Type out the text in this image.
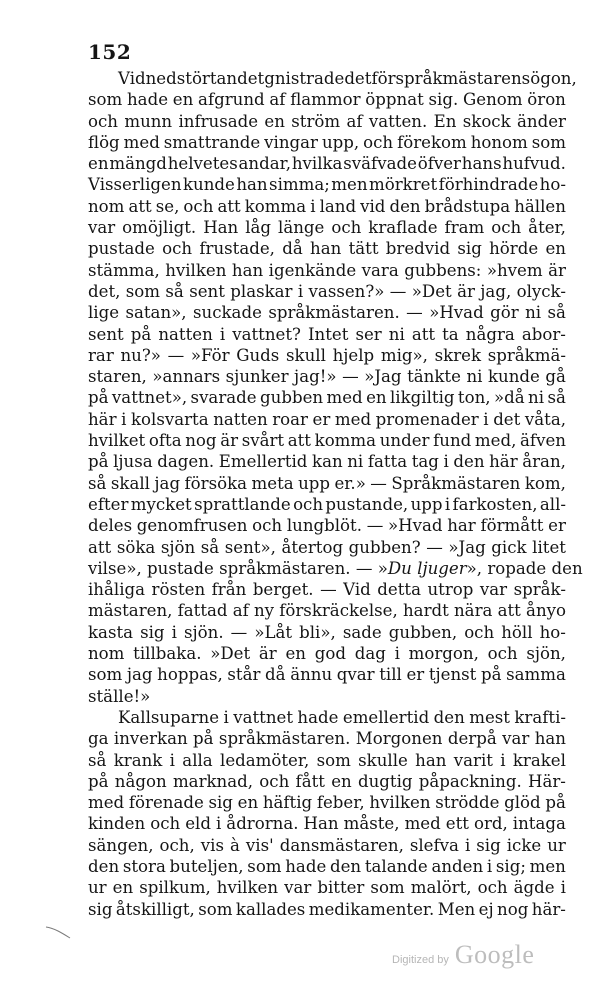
152
Vid nedstörtandet gnistrade det för språkmästarens ögon,
som hade en afgrund af flammor öppnat sig. Genom öron
och munn infrusade en ström af vatten. En skock änder
flög med smattrande vingar upp, och förekom honom som
en mängd helvetes andar, hvilka sväfvade öfver hans hufvud.
Visserligen kunde han simma; men mörkret förhindrade ho-
nom att se, och att komma i land vid den brådstupa hällen
var omöjligt. Han låg länge och kraflade fram och åter,
pustade och frustade, då han tätt bredvid sig hörde en
stämma, hvilken han igenkände vara gubbens: »hvem är
det, som så sent plaskar i vassen?» — »Det är jag, olyck-
lige satan», suckade språkmästaren. — »Hvad gör ni så
sent på natten i vattnet? Intet ser ni att ta några abor-
rar nu?» — »För Guds skull hjelp mig», skrek språkmä-
staren, »annars sjunker jag!» — »Jag tänkte ni kunde gå
på vattnet», svarade gubben med en likgiltig ton, »då ni så
här i kolsvarta natten roar er med promenader i det våta,
hvilket ofta nog är svårt att komma under fund med, äfven
på ljusa dagen. Emellertid kan ni fatta tag i den här åran,
så skall jag försöka meta upp er.» — Språkmästaren kom,
efter mycket sprattlande och pustande, upp i farkosten, all-
deles genomfrusen och lungblöt. — »Hvad har förmått er
att söka sjön så sent», återtog gubben? — »Jag gick litet
vilse», pustade språkmästaren. — » Du ljuger », ropade den
ihåliga rösten från berget. — Vid detta utrop var språk-
mästaren, fattad af ny förskräckelse, hardt nära att ånyo
kasta sig i sjön. — »Låt bli», sade gubben, och höll ho-
nom tillbaka. »Det är en god dag i morgon, och sjön,
som jag hoppas, står då ännu qvar till er tjenst på samma
ställe!»
Kallsuparne i vattnet hade emellertid den mest krafti-
ga inverkan på språkmästaren. Morgonen derpå var han
så krank i alla ledamöter, som skulle han varit i krakel
på någon marknad, och fått en dugtig påpackning. Här-
med förenade sig en häftig feber, hvilken strödde glöd på
kinden och eld i ådrorna. Han måste, med ett ord, intaga
sängen, och, vis à vis' dansmästaren, slefva i sig icke ur
den stora buteljen, som hade den talande anden i sig; men
ur en spilkum, hvilken var bitter som malört, och ägde i
sig åtskilligt, som kallades medikamenter. Men ej nog här-
Digitized by Google
